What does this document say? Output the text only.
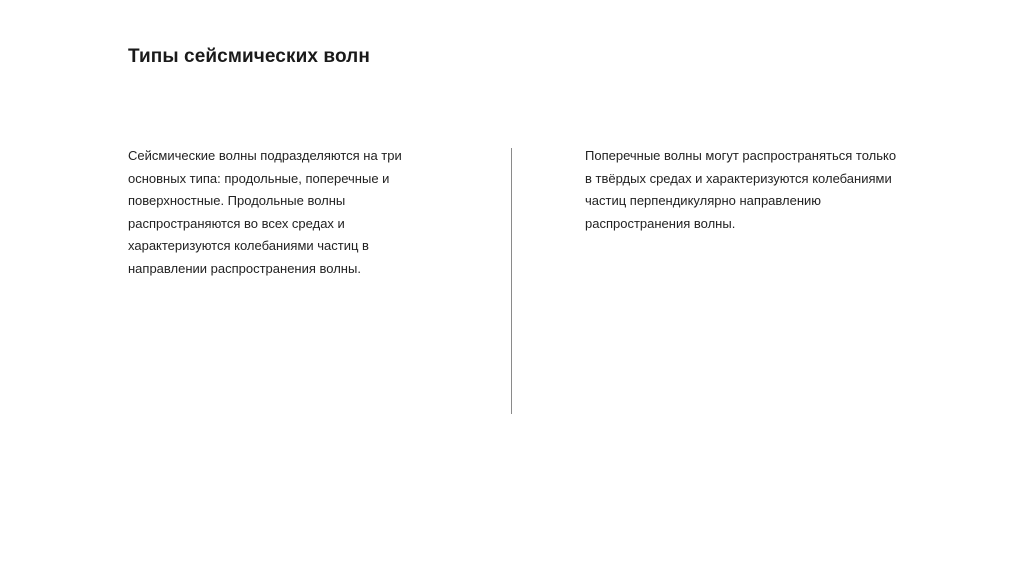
Типы сейсмических волн
Сейсмические волны подразделяются на три
основных типа: продольные, поперечные и
поверхностные. Продольные волны
распространяются во всех средах и
характеризуются колебаниями частиц в
направлении распространения волны.
Поперечные волны могут распространяться только
в твёрдых средах и характеризуются колебаниями
частиц перпендикулярно направлению
распространения волны.
